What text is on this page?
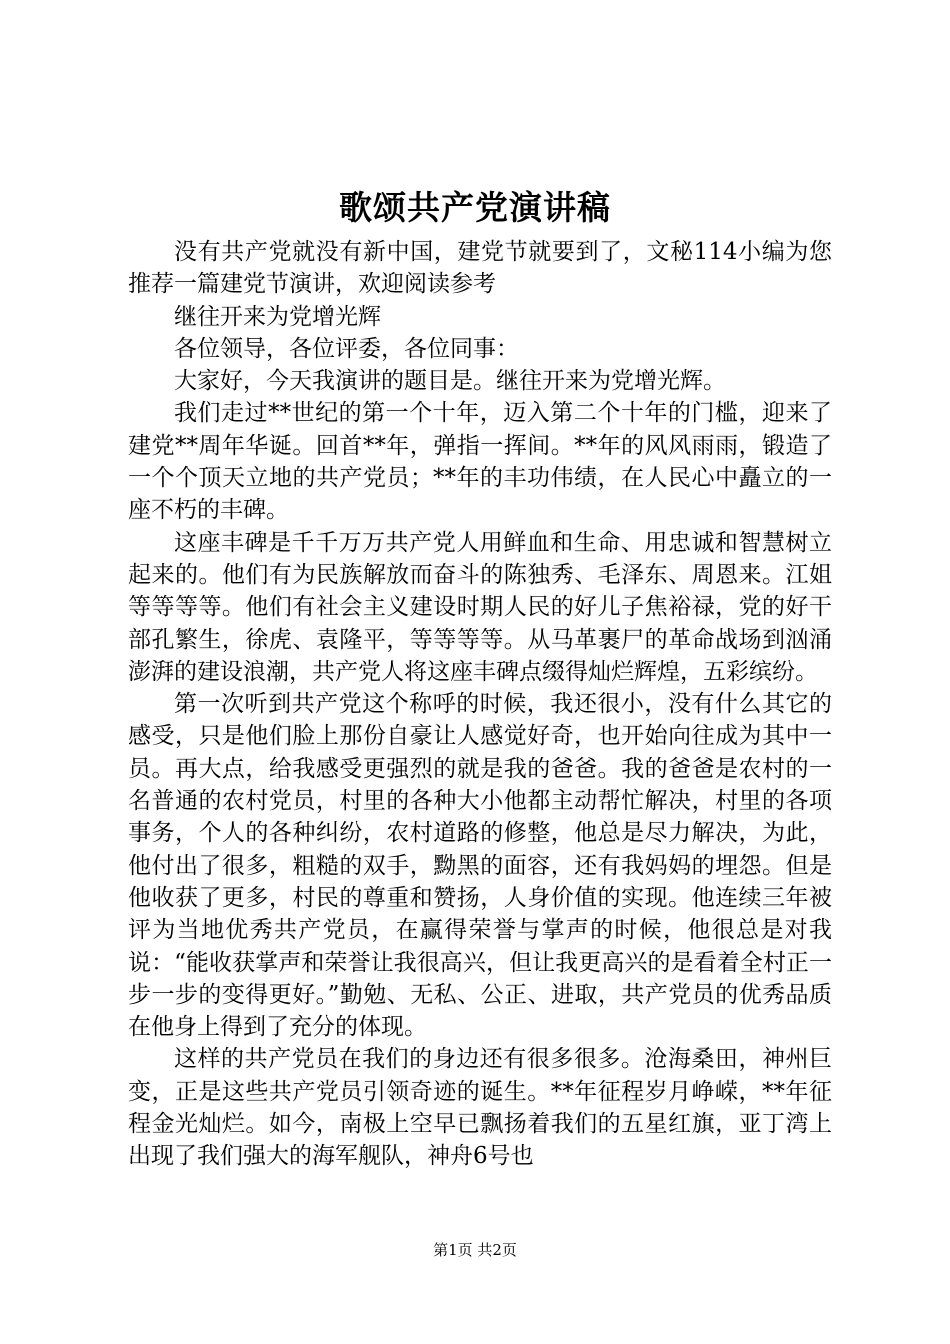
歌颂共产党演讲稿

没有共产党就没有新中国，建党节就要到了，文秘114小编为您推荐一篇建党节演讲，欢迎阅读参考

继往开来为党增光辉

各位领导，各位评委，各位同事：

大家好，今天我演讲的题目是。继往开来为党增光辉。

我们走过**世纪的第一个十年，迈入第二个十年的门槛，迎来了建党**周年华诞。回首**年，弹指一挥间。**年的风风雨雨，锻造了一个个顶天立地的共产党员；**年的丰功伟绩，在人民心中矗立的一座不朽的丰碑。

这座丰碑是千千万万共产党人用鲜血和生命、用忠诚和智慧树立起来的。他们有为民族解放而奋斗的陈独秀、毛泽东、周恩来。江姐等等等等。他们有社会主义建设时期人民的好儿子焦裕禄，党的好干部孔繁生，徐虎、袁隆平，等等等等。从马革裹尸的革命战场到汹涌澎湃的建设浪潮，共产党人将这座丰碑点缀得灿烂辉煌，五彩缤纷。

第一次听到共产党这个称呼的时候，我还很小，没有什么其它的感受，只是他们脸上那份自豪让人感觉好奇，也开始向往成为其中一员。再大点，给我感受更强烈的就是我的爸爸。我的爸爸是农村的一名普通的农村党员，村里的各种大小他都主动帮忙解决，村里的各项事务，个人的各种纠纷，农村道路的修整，他总是尽力解决，为此，他付出了很多，粗糙的双手，黝黑的面容，还有我妈妈的埋怨。但是他收获了更多，村民的尊重和赞扬，人身价值的实现。他连续三年被评为当地优秀共产党员，在赢得荣誉与掌声的时候，他很总是对我说：“能收获掌声和荣誉让我很高兴，但让我更高兴的是看着全村正一步一步的变得更好。”勤勉、无私、公正、进取，共产党员的优秀品质在他身上得到了充分的体现。

这样的共产党员在我们的身边还有很多很多。沧海桑田，神州巨变，正是这些共产党员引领奇迹的诞生。**年征程岁月峥嵘，**年征程金光灿烂。如今，南极上空早已飘扬着我们的五星红旗，亚丁湾上出现了我们强大的海军舰队，神舟6号也

第1页 共2页
